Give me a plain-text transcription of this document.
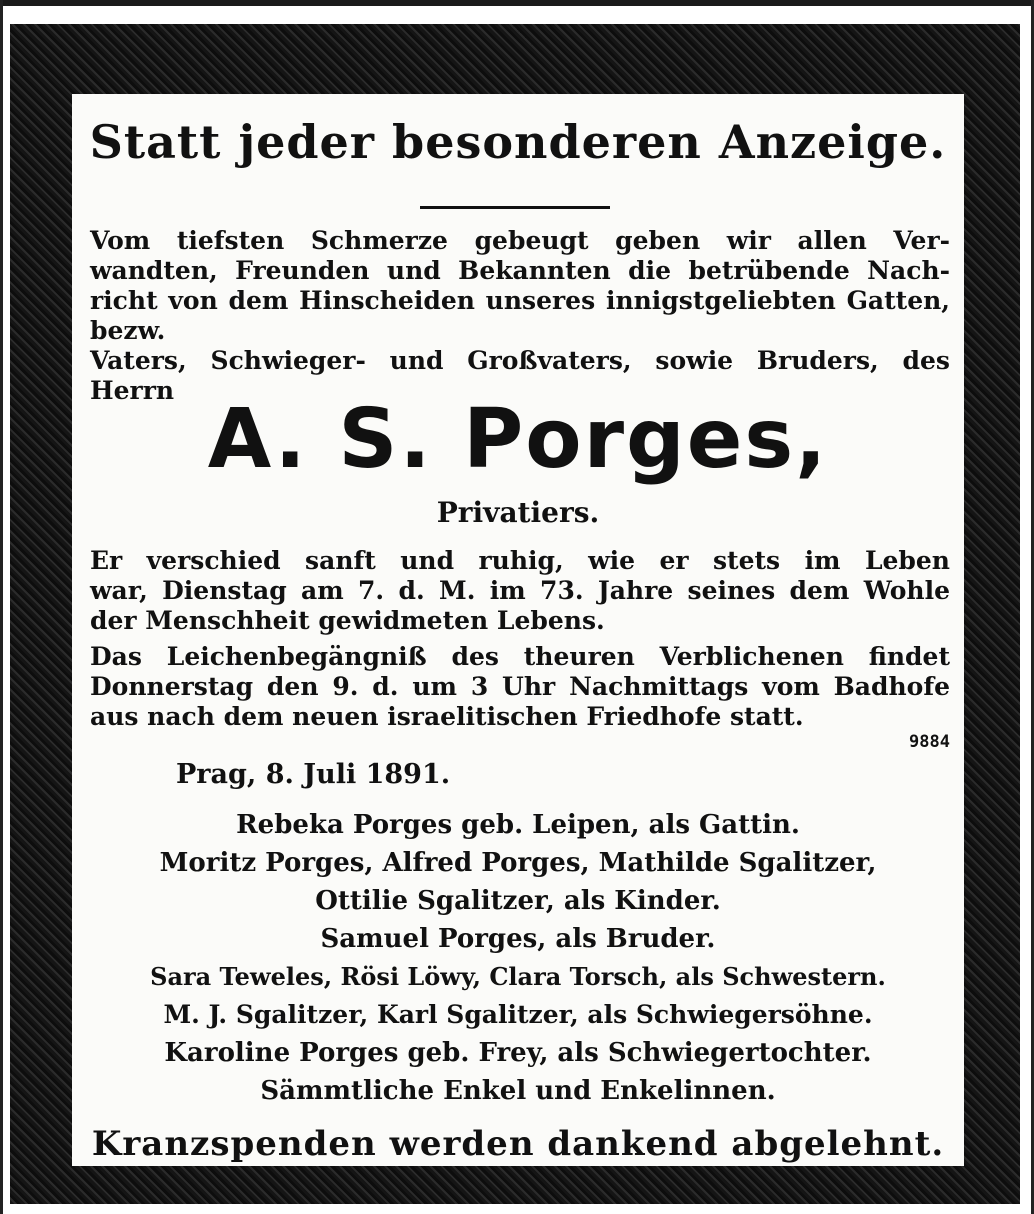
Statt jeder besonderen Anzeige.
Vom tiefsten Schmerze gebeugt geben wir allen Ver-
wandten, Freunden und Bekannten die betrübende Nach-
richt von dem Hinscheiden unseres innigstgeliebten Gatten, bezw.
Vaters, Schwieger- und Großvaters, sowie Bruders, des Herrn
A. S. Porges,
Privatiers.
Er verschied sanft und ruhig, wie er stets im Leben
war, Dienstag am 7. d. M. im 73. Jahre seines dem Wohle
der Menschheit gewidmeten Lebens.
Das Leichenbegängniß des theuren Verblichenen findet
Donnerstag den 9. d. um 3 Uhr Nachmittags vom Badhofe
aus nach dem neuen israelitischen Friedhofe statt.
9884
Prag, 8. Juli 1891.
Rebeka Porges geb. Leipen, als Gattin.
Moritz Porges, Alfred Porges, Mathilde Sgalitzer,
Ottilie Sgalitzer, als Kinder.
Samuel Porges, als Bruder.
Sara Teweles, Rösi Löwy, Clara Torsch, als Schwestern.
M. J. Sgalitzer, Karl Sgalitzer, als Schwiegersöhne.
Karoline Porges geb. Frey, als Schwiegertochter.
Sämmtliche Enkel und Enkelinnen.
Kranzspenden werden dankend abgelehnt.
